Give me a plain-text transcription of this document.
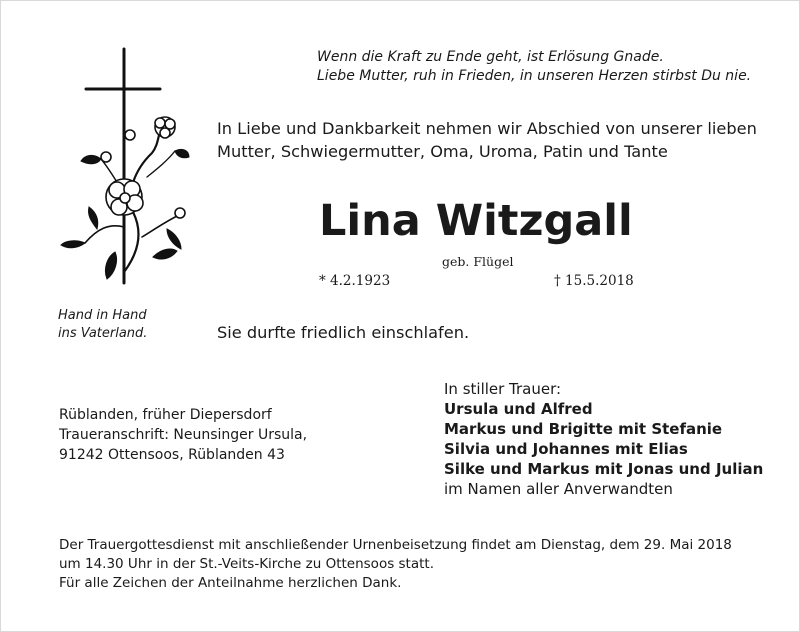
Wenn die Kraft zu Ende geht, ist Erlösung Gnade.
Liebe Mutter, ruh in Frieden, in unseren Herzen stirbst Du nie.
In Liebe und Dankbarkeit nehmen wir Abschied von unserer lieben
Mutter, Schwiegermutter, Oma, Uroma, Patin und Tante
Lina Witzgall
geb. Flügel
* 4.2.1923	† 15.5.2018
Hand in Hand
ins Vaterland.	Sie durfte friedlich einschlafen.
Rüblanden, früher Diepersdorf
Traueranschrift: Neunsinger Ursula,
91242 Ottensoos, Rüblanden 43
In stiller Trauer:
Ursula und Alfred
Markus und Brigitte mit Stefanie
Silvia und Johannes mit Elias
Silke und Markus mit Jonas und Julian
im Namen aller Anverwandten
Der Trauergottesdienst mit anschließender Urnenbeisetzung findet am Dienstag, dem 29. Mai 2018
um 14.30 Uhr in der St.-Veits-Kirche zu Ottensoos statt.
Für alle Zeichen der Anteilnahme herzlichen Dank.
